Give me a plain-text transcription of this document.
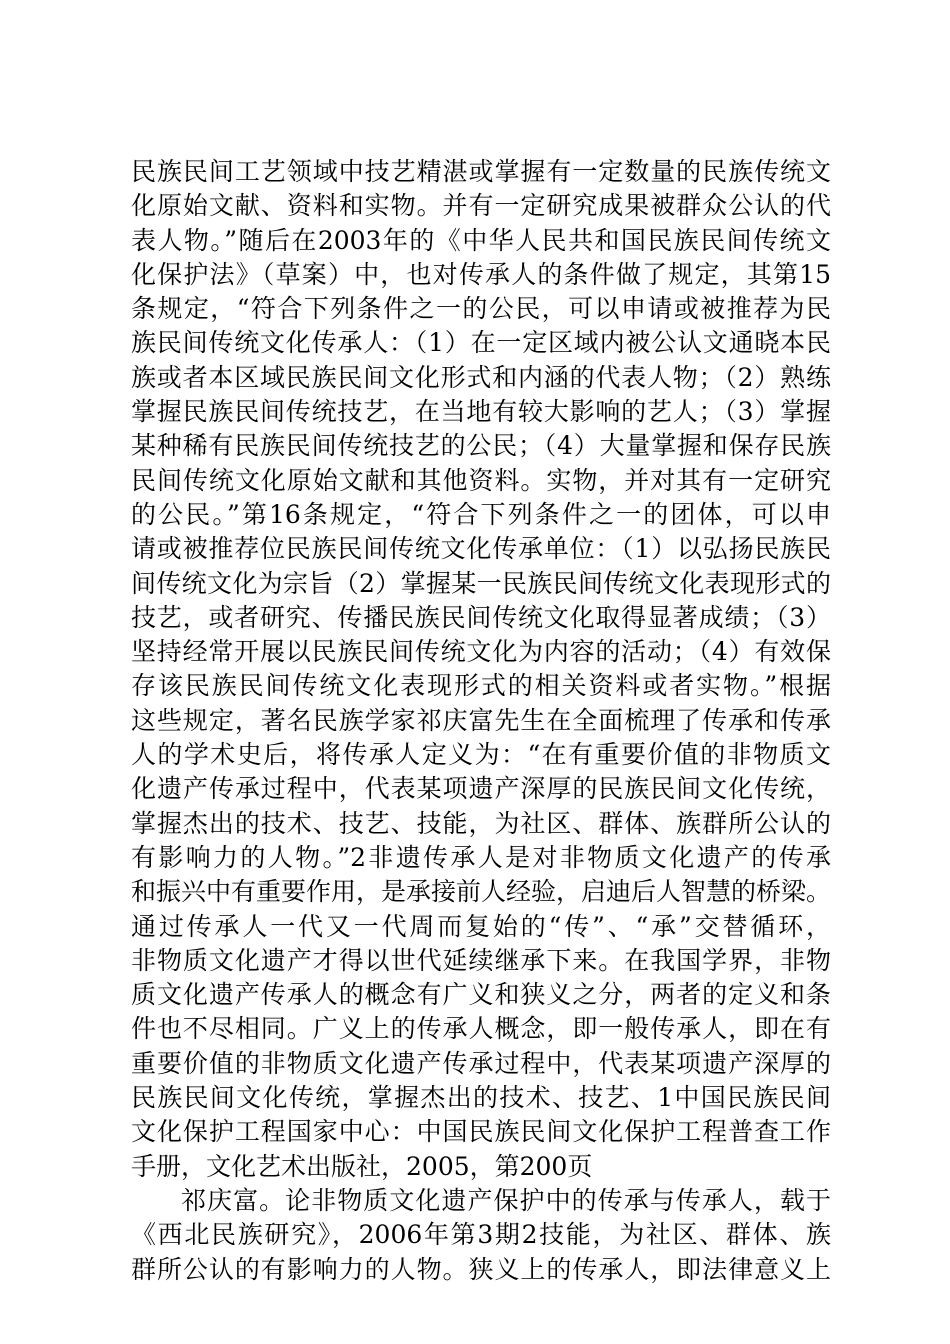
民族民间工艺领域中技艺精湛或掌握有一定数量的民族传统文
化原始文献、资料和实物。并有一定研究成果被群众公认的代
表人物。”随后在2003年的《中华人民共和国民族民间传统文
化保护法》（草案）中，也对传承人的条件做了规定，其第15
条规定，“符合下列条件之一的公民，可以申请或被推荐为民
族民间传统文化传承人：（1）在一定区域内被公认文通晓本民
族或者本区域民族民间文化形式和内涵的代表人物；（2）熟练
掌握民族民间传统技艺，在当地有较大影响的艺人；（3）掌握
某种稀有民族民间传统技艺的公民；（4）大量掌握和保存民族
民间传统文化原始文献和其他资料。实物，并对其有一定研究
的公民。”第16条规定，“符合下列条件之一的团体，可以申
请或被推荐位民族民间传统文化传承单位：（1）以弘扬民族民
间传统文化为宗旨（2）掌握某一民族民间传统文化表现形式的
技艺，或者研究、传播民族民间传统文化取得显著成绩；（3）
坚持经常开展以民族民间传统文化为内容的活动；（4）有效保
存该民族民间传统文化表现形式的相关资料或者实物。”根据
这些规定，著名民族学家祁庆富先生在全面梳理了传承和传承
人的学术史后，将传承人定义为：“在有重要价值的非物质文
化遗产传承过程中，代表某项遗产深厚的民族民间文化传统，
掌握杰出的技术、技艺、技能，为社区、群体、族群所公认的
有影响力的人物。”2非遗传承人是对非物质文化遗产的传承
和振兴中有重要作用，是承接前人经验，启迪后人智慧的桥梁。
通过传承人一代又一代周而复始的“传”、“承”交替循环，
非物质文化遗产才得以世代延续继承下来。在我国学界，非物
质文化遗产传承人的概念有广义和狭义之分，两者的定义和条
件也不尽相同。广义上的传承人概念，即一般传承人，即在有
重要价值的非物质文化遗产传承过程中，代表某项遗产深厚的
民族民间文化传统，掌握杰出的技术、技艺、1中国民族民间
文化保护工程国家中心：中国民族民间文化保护工程普查工作
手册，文化艺术出版社，2005，第200页
祁庆富。论非物质文化遗产保护中的传承与传承人，载于
《西北民族研究》，2006年第3期2技能，为社区、群体、族
群所公认的有影响力的人物。狭义上的传承人，即法律意义上
